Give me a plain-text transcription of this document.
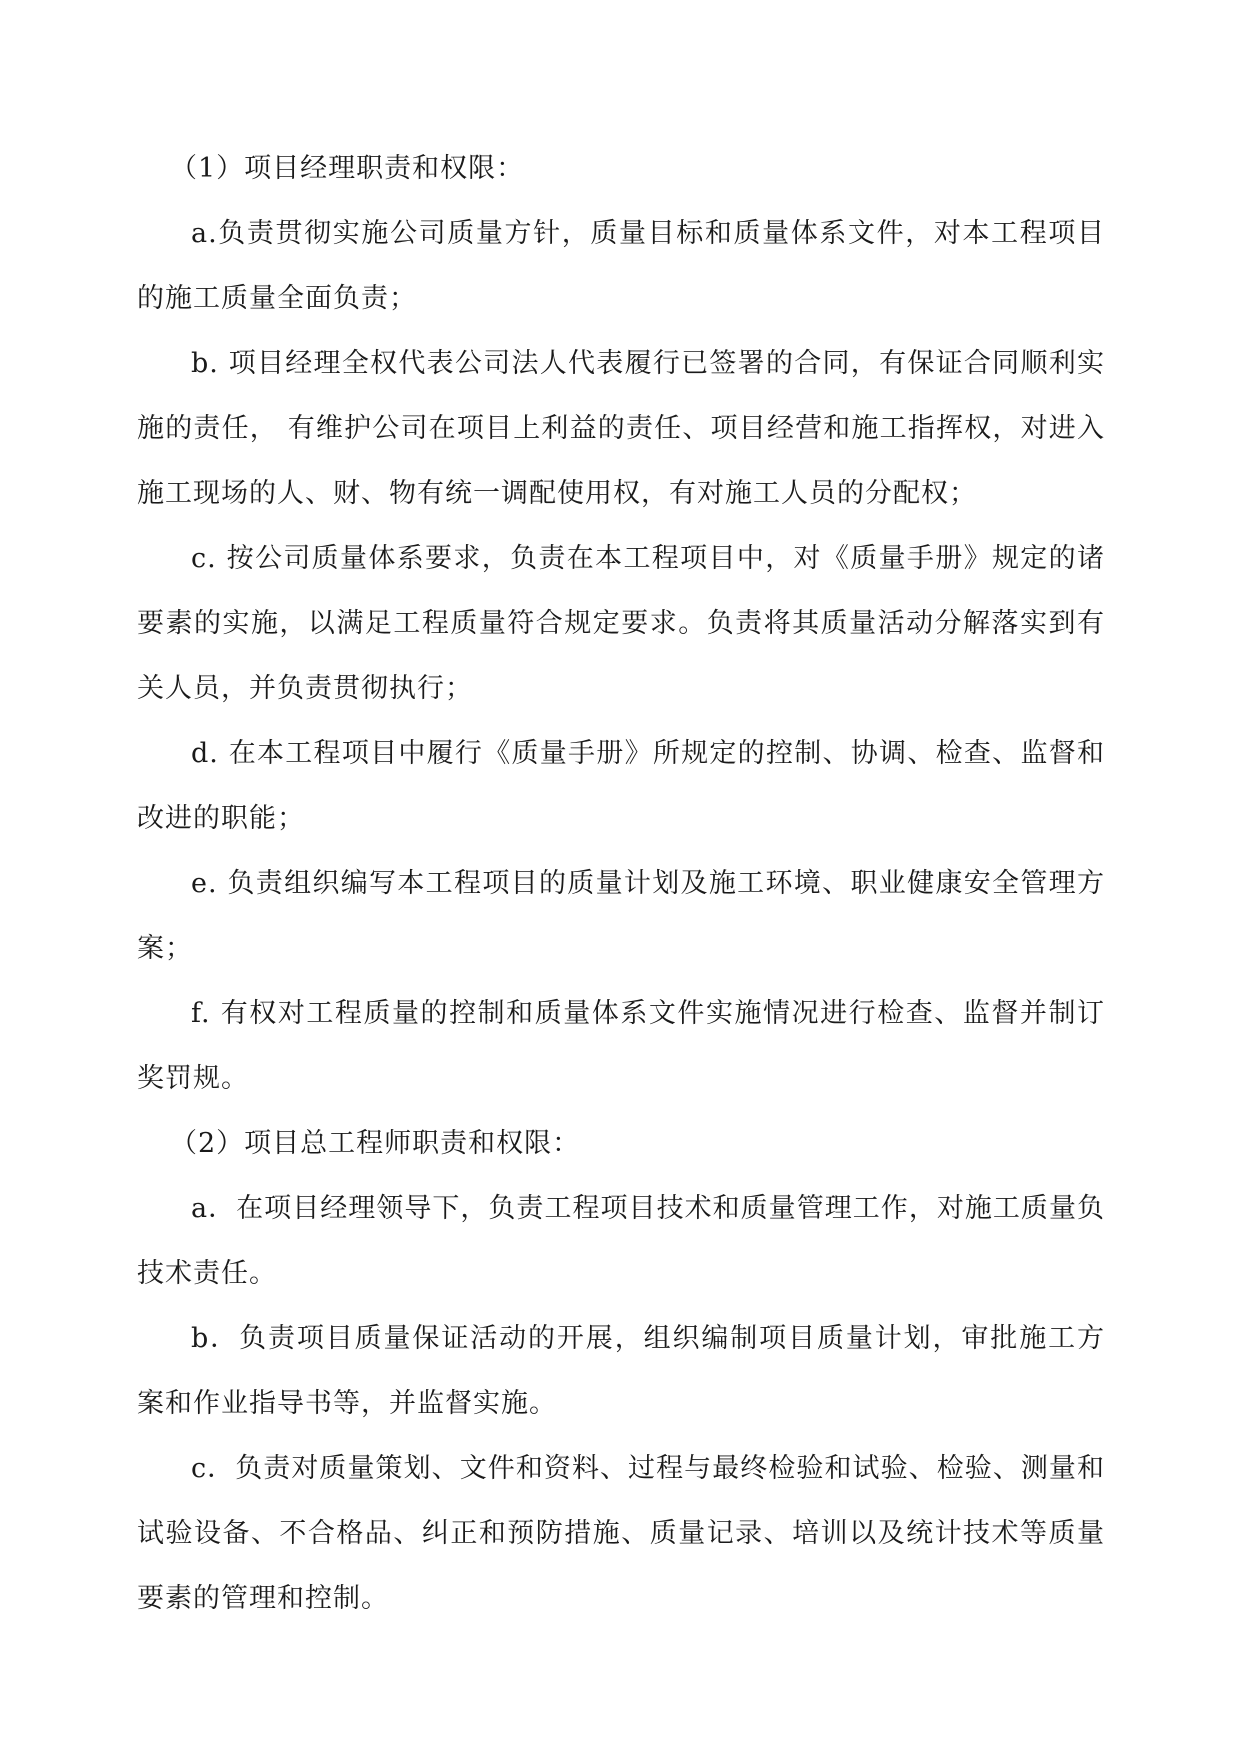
（1）项目经理职责和权限：

a.负责贯彻实施公司质量方针，质量目标和质量体系文件，对本工程项目的施工质量全面负责；

b. 项目经理全权代表公司法人代表履行已签署的合同，有保证合同顺利实施的责任， 有维护公司在项目上利益的责任、项目经营和施工指挥权，对进入施工现场的人、财、物有统一调配使用权，有对施工人员的分配权；

c. 按公司质量体系要求，负责在本工程项目中，对《质量手册》规定的诸要素的实施，以满足工程质量符合规定要求。负责将其质量活动分解落实到有关人员，并负责贯彻执行；

d. 在本工程项目中履行《质量手册》所规定的控制、协调、检查、监督和改进的职能；

e. 负责组织编写本工程项目的质量计划及施工环境、职业健康安全管理方案；

f. 有权对工程质量的控制和质量体系文件实施情况进行检查、监督并制订奖罚规。

（2）项目总工程师职责和权限：

a．在项目经理领导下，负责工程项目技术和质量管理工作，对施工质量负技术责任。

b．负责项目质量保证活动的开展，组织编制项目质量计划，审批施工方案和作业指导书等，并监督实施。

c．负责对质量策划、文件和资料、过程与最终检验和试验、检验、测量和试验设备、不合格品、纠正和预防措施、质量记录、培训以及统计技术等质量要素的管理和控制。
